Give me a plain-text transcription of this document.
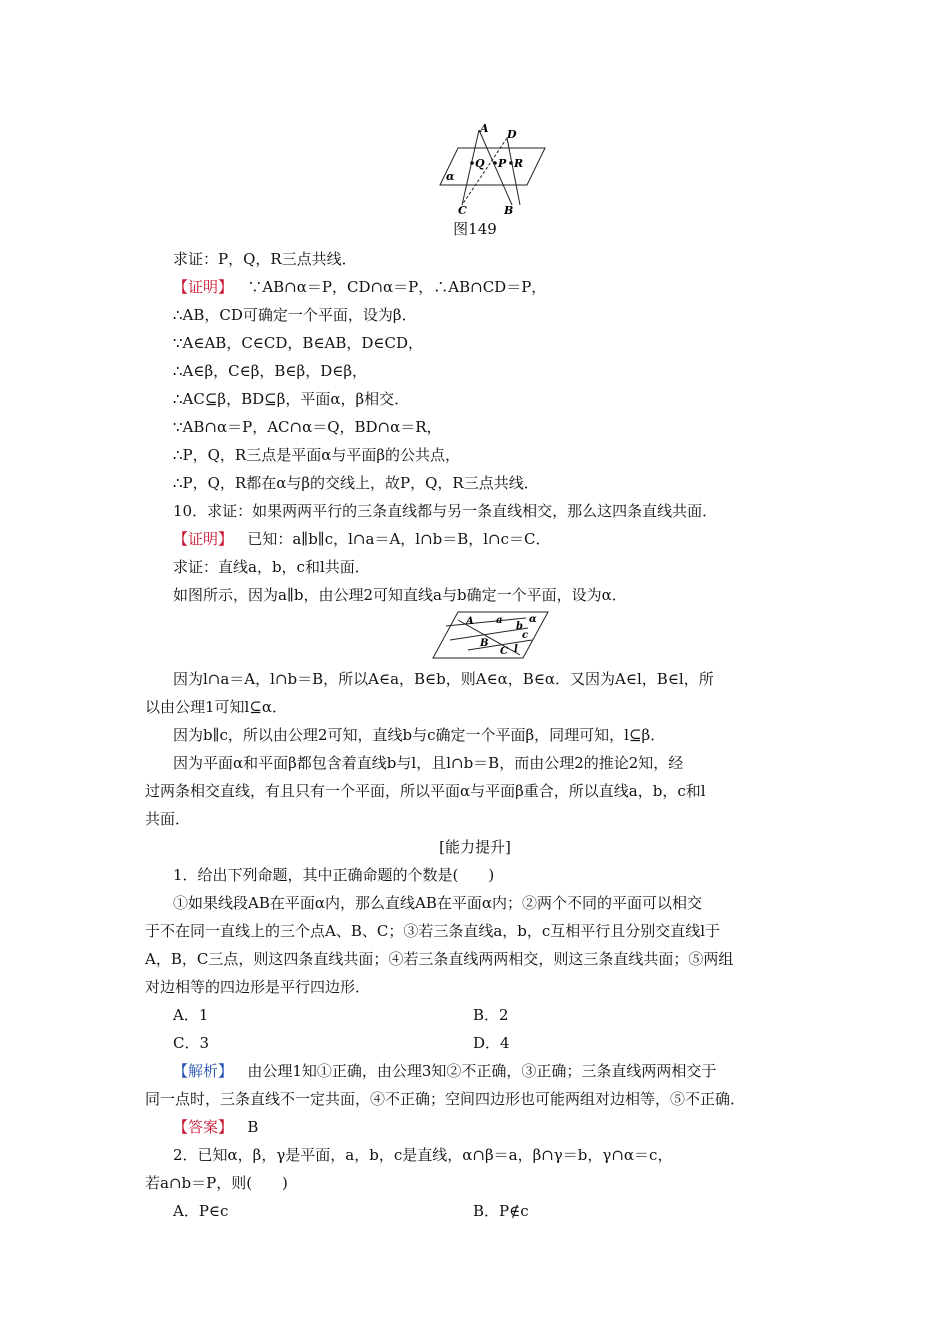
A D
Q P R
α
C	B
图149
求证：P，Q，R三点共线．
【证明】 ∵AB∩α＝P，CD∩α＝P，∴AB∩CD＝P，
∴AB，CD可确定一个平面，设为β．
∵A∈AB，C∈CD，B∈AB，D∈CD，
∴A∈β，C∈β，B∈β，D∈β，
∴AC⊆β，BD⊆β，平面α，β相交．
∵AB∩α＝P，AC∩α＝Q，BD∩α＝R，
∴P，Q，R三点是平面α与平面β的公共点，
∴P，Q，R都在α与β的交线上，故P，Q，R三点共线．
10．求证：如果两两平行的三条直线都与另一条直线相交，那么这四条直线共面．
【证明】 已知：a∥b∥c，l∩a＝A，l∩b＝B，l∩c＝C．
求证：直线a，b，c和l共面．
如图所示，因为a∥b，由公理2可知直线a与b确定一个平面，设为α．
A a
b
α
c
B
C l
因为l∩a＝A，l∩b＝B，所以A∈a，B∈b，则A∈α，B∈α．又因为A∈l，B∈l，所
以由公理1可知l⊆α．
因为b∥c，所以由公理2可知，直线b与c确定一个平面β，同理可知，l⊆β．
因为平面α和平面β都包含着直线b与l，且l∩b＝B，而由公理2的推论2知，经
过两条相交直线，有且只有一个平面，所以平面α与平面β重合，所以直线a，b，c和l
共面．
[能力提升]
1．给出下列命题，其中正确命题的个数是(　　)
①如果线段AB在平面α内，那么直线AB在平面α内；②两个不同的平面可以相交
于不在同一直线上的三个点A、B、C；③若三条直线a，b，c互相平行且分别交直线l于
A，B，C三点，则这四条直线共面；④若三条直线两两相交，则这三条直线共面；⑤两组
对边相等的四边形是平行四边形．
A．1	B．2
C．3	D．4
【解析】 由公理1知①正确，由公理3知②不正确，③正确；三条直线两两相交于
同一点时，三条直线不一定共面，④不正确；空间四边形也可能两组对边相等，⑤不正确．
【答案】 B
2．已知α，β，γ是平面，a，b，c是直线，α∩β＝a，β∩γ＝b，γ∩α＝c，
若a∩b＝P，则(　　)
A．P∈c	B．P∉c
